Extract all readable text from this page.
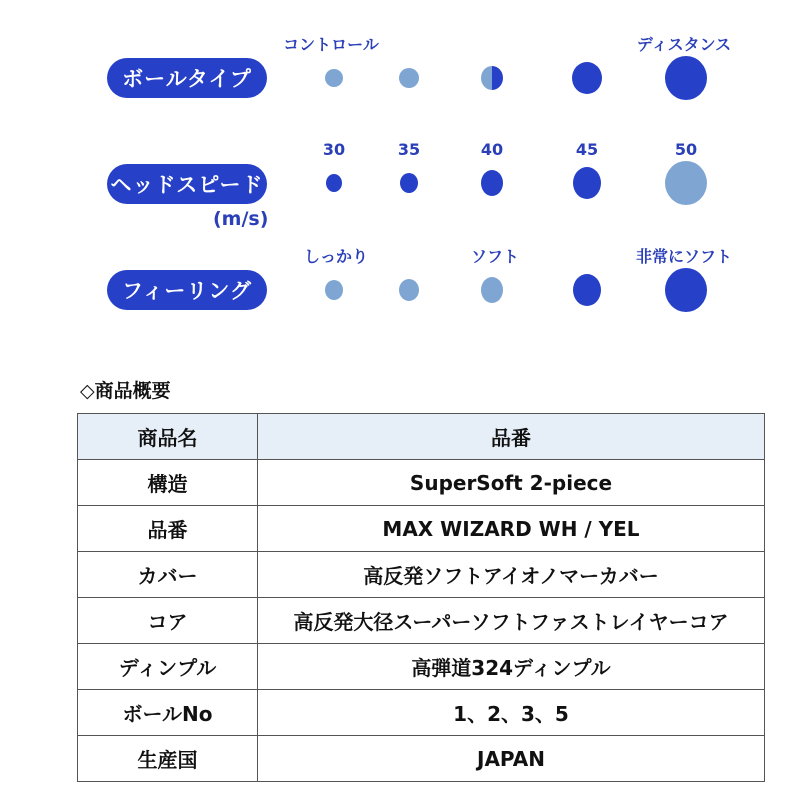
コントロール	ディスタンス
ボールタイプ
30	35	40	45	50
ヘッドスピード
(m/s)
しっかり	ソフト	非常にソフト
フィーリング
◇商品概要
商品名	品番
構造	SuperSoft 2-piece
品番	MAX WIZARD WH / YEL
カバー	高反発ソフトアイオノマーカバー
コア	高反発大径スーパーソフトファストレイヤーコア
ディンプル	高弾道324ディンプル
ボールNo	1、2、3、5
生産国	JAPAN
